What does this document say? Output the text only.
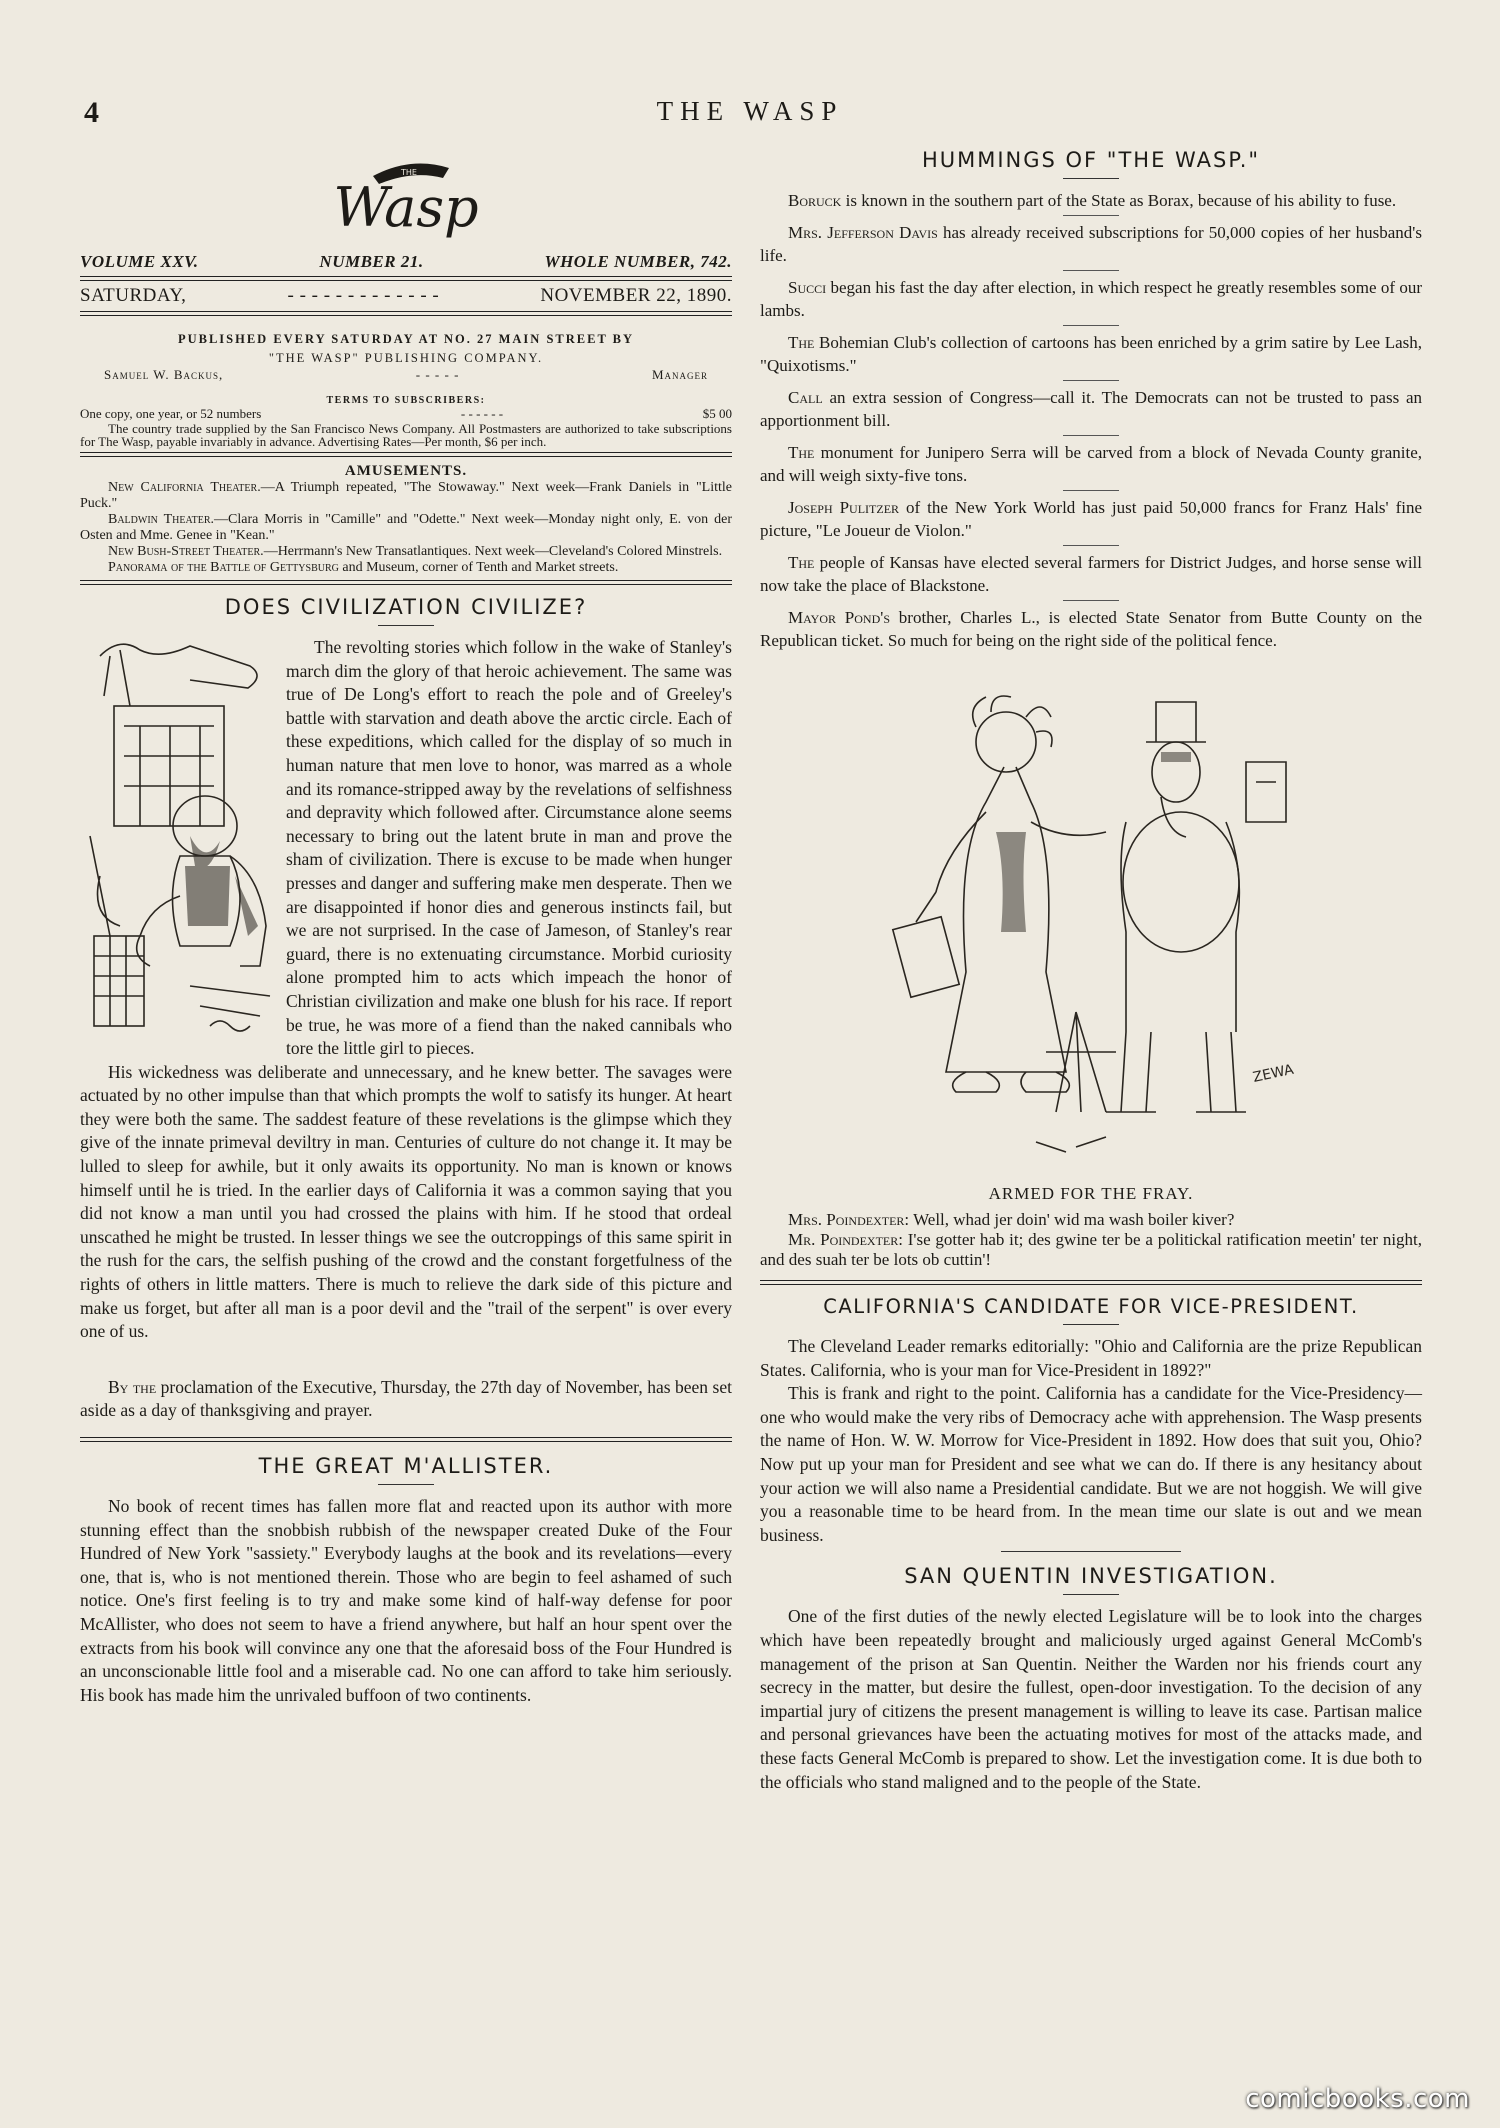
4	THE WASP
THE
Wasp
VOLUME XXV.	NUMBER 21.	WHOLE NUMBER, 742.
SATURDAY,	- - - - - - - - - - - - -	NOVEMBER 22, 1890.
PUBLISHED EVERY SATURDAY AT NO. 27 MAIN STREET BY
"THE WASP" PUBLISHING COMPANY.
Samuel W. Backus,	- - - - -	Manager
TERMS TO SUBSCRIBERS:
One copy, one year, or 52 numbers	- - - - - -	$5 00

The country trade supplied by the San Francisco News Company. All Postmasters are authorized to take subscriptions for The Wasp, payable invariably in advance. Advertising Rates—Per month, $6 per inch.

AMUSEMENTS.

New California Theater.—A Triumph repeated, "The Stowaway." Next week—Frank Daniels in "Little Puck."

Baldwin Theater.—Clara Morris in "Camille" and "Odette." Next week—Monday night only, E. von der Osten and Mme. Genee in "Kean."

New Bush-Street Theater.—Herrmann's New Transatlantiques. Next week—Cleveland's Colored Minstrels.

Panorama of the Battle of Gettysburg and Museum, corner of Tenth and Market streets.

DOES CIVILIZATION CIVILIZE?

The revolting stories which follow in the wake of Stanley's march dim the glory of that heroic achievement. The same was true of De Long's effort to reach the pole and of Greeley's battle with starvation and death above the arctic circle. Each of these expeditions, which called for the display of so much in human nature that men love to honor, was marred as a whole and its romance-stripped away by the revelations of selfishness and depravity which followed after. Circumstance alone seems necessary to bring out the latent brute in man and prove the sham of civilization. There is excuse to be made when hunger presses and danger and suffering make men desperate. Then we are disappointed if honor dies and generous instincts fail, but we are not surprised. In the case of Jameson, of Stanley's rear guard, there is no extenuating circumstance. Morbid curiosity alone prompted him to acts which impeach the honor of Christian civilization and make one blush for his race. If report be true, he was more of a fiend than the naked cannibals who tore the little girl to pieces.

His wickedness was deliberate and unnecessary, and he knew better. The savages were actuated by no other impulse than that which prompts the wolf to satisfy its hunger. At heart they were both the same. The saddest feature of these revelations is the glimpse which they give of the innate primeval deviltry in man. Centuries of culture do not change it. It may be lulled to sleep for awhile, but it only awaits its opportunity. No man is known or knows himself until he is tried. In the earlier days of California it was a common saying that you did not know a man until you had crossed the plains with him. If he stood that ordeal unscathed he might be trusted. In lesser things we see the outcroppings of this same spirit in the rush for the cars, the selfish pushing of the crowd and the constant forgetfulness of the rights of others in little matters. There is much to relieve the dark side of this picture and make us forget, but after all man is a poor devil and the "trail of the serpent" is over every one of us.

By the proclamation of the Executive, Thursday, the 27th day of November, has been set aside as a day of thanksgiving and prayer.

THE GREAT M'ALLISTER.

No book of recent times has fallen more flat and reacted upon its author with more stunning effect than the snobbish rubbish of the newspaper created Duke of the Four Hundred of New York "sassiety." Everybody laughs at the book and its revelations—every one, that is, who is not mentioned therein. Those who are begin to feel ashamed of such notice. One's first feeling is to try and make some kind of half-way defense for poor McAllister, who does not seem to have a friend anywhere, but half an hour spent over the extracts from his book will convince any one that the aforesaid boss of the Four Hundred is an unconscionable little fool and a miserable cad. No one can afford to take him seriously. His book has made him the unrivaled buffoon of two continents.

HUMMINGS OF "THE WASP."

Boruck is known in the southern part of the State as Borax, because of his ability to fuse.

Mrs. Jefferson Davis has already received subscriptions for 50,000 copies of her husband's life.

Succi began his fast the day after election, in which respect he greatly resembles some of our lambs.

The Bohemian Club's collection of cartoons has been enriched by a grim satire by Lee Lash, "Quixotisms."

Call an extra session of Congress—call it. The Democrats can not be trusted to pass an apportionment bill.

The monument for Junipero Serra will be carved from a block of Nevada County granite, and will weigh sixty-five tons.

Joseph Pulitzer of the New York World has just paid 50,000 francs for Franz Hals' fine picture, "Le Joueur de Violon."

The people of Kansas have elected several farmers for District Judges, and horse sense will now take the place of Blackstone.

Mayor Pond's brother, Charles L., is elected State Senator from Butte County on the Republican ticket. So much for being on the right side of the political fence.

ZEWA
ARMED FOR THE FRAY.

Mrs. Poindexter: Well, whad jer doin' wid ma wash boiler kiver?

Mr. Poindexter: I'se gotter hab it; des gwine ter be a politickal ratification meetin' ter night, and des suah ter be lots ob cuttin'!

CALIFORNIA'S CANDIDATE FOR VICE-PRESIDENT.

The Cleveland Leader remarks editorially: "Ohio and California are the prize Republican States. California, who is your man for Vice-President in 1892?"

This is frank and right to the point. California has a candidate for the Vice-Presidency—one who would make the very ribs of Democracy ache with apprehension. The Wasp presents the name of Hon. W. W. Morrow for Vice-President in 1892. How does that suit you, Ohio? Now put up your man for President and see what we can do. If there is any hesitancy about your action we will also name a Presidential candidate. But we are not hoggish. We will give you a reasonable time to be heard from. In the mean time our slate is out and we mean business.

SAN QUENTIN INVESTIGATION.

One of the first duties of the newly elected Legislature will be to look into the charges which have been repeatedly brought and maliciously urged against General McComb's management of the prison at San Quentin. Neither the Warden nor his friends court any secrecy in the matter, but desire the fullest, open-door investigation. To the decision of any impartial jury of citizens the present management is willing to leave its case. Partisan malice and personal grievances have been the actuating motives for most of the attacks made, and these facts General McComb is prepared to show. Let the investigation come. It is due both to the officials who stand maligned and to the people of the State.

comicbooks.com
